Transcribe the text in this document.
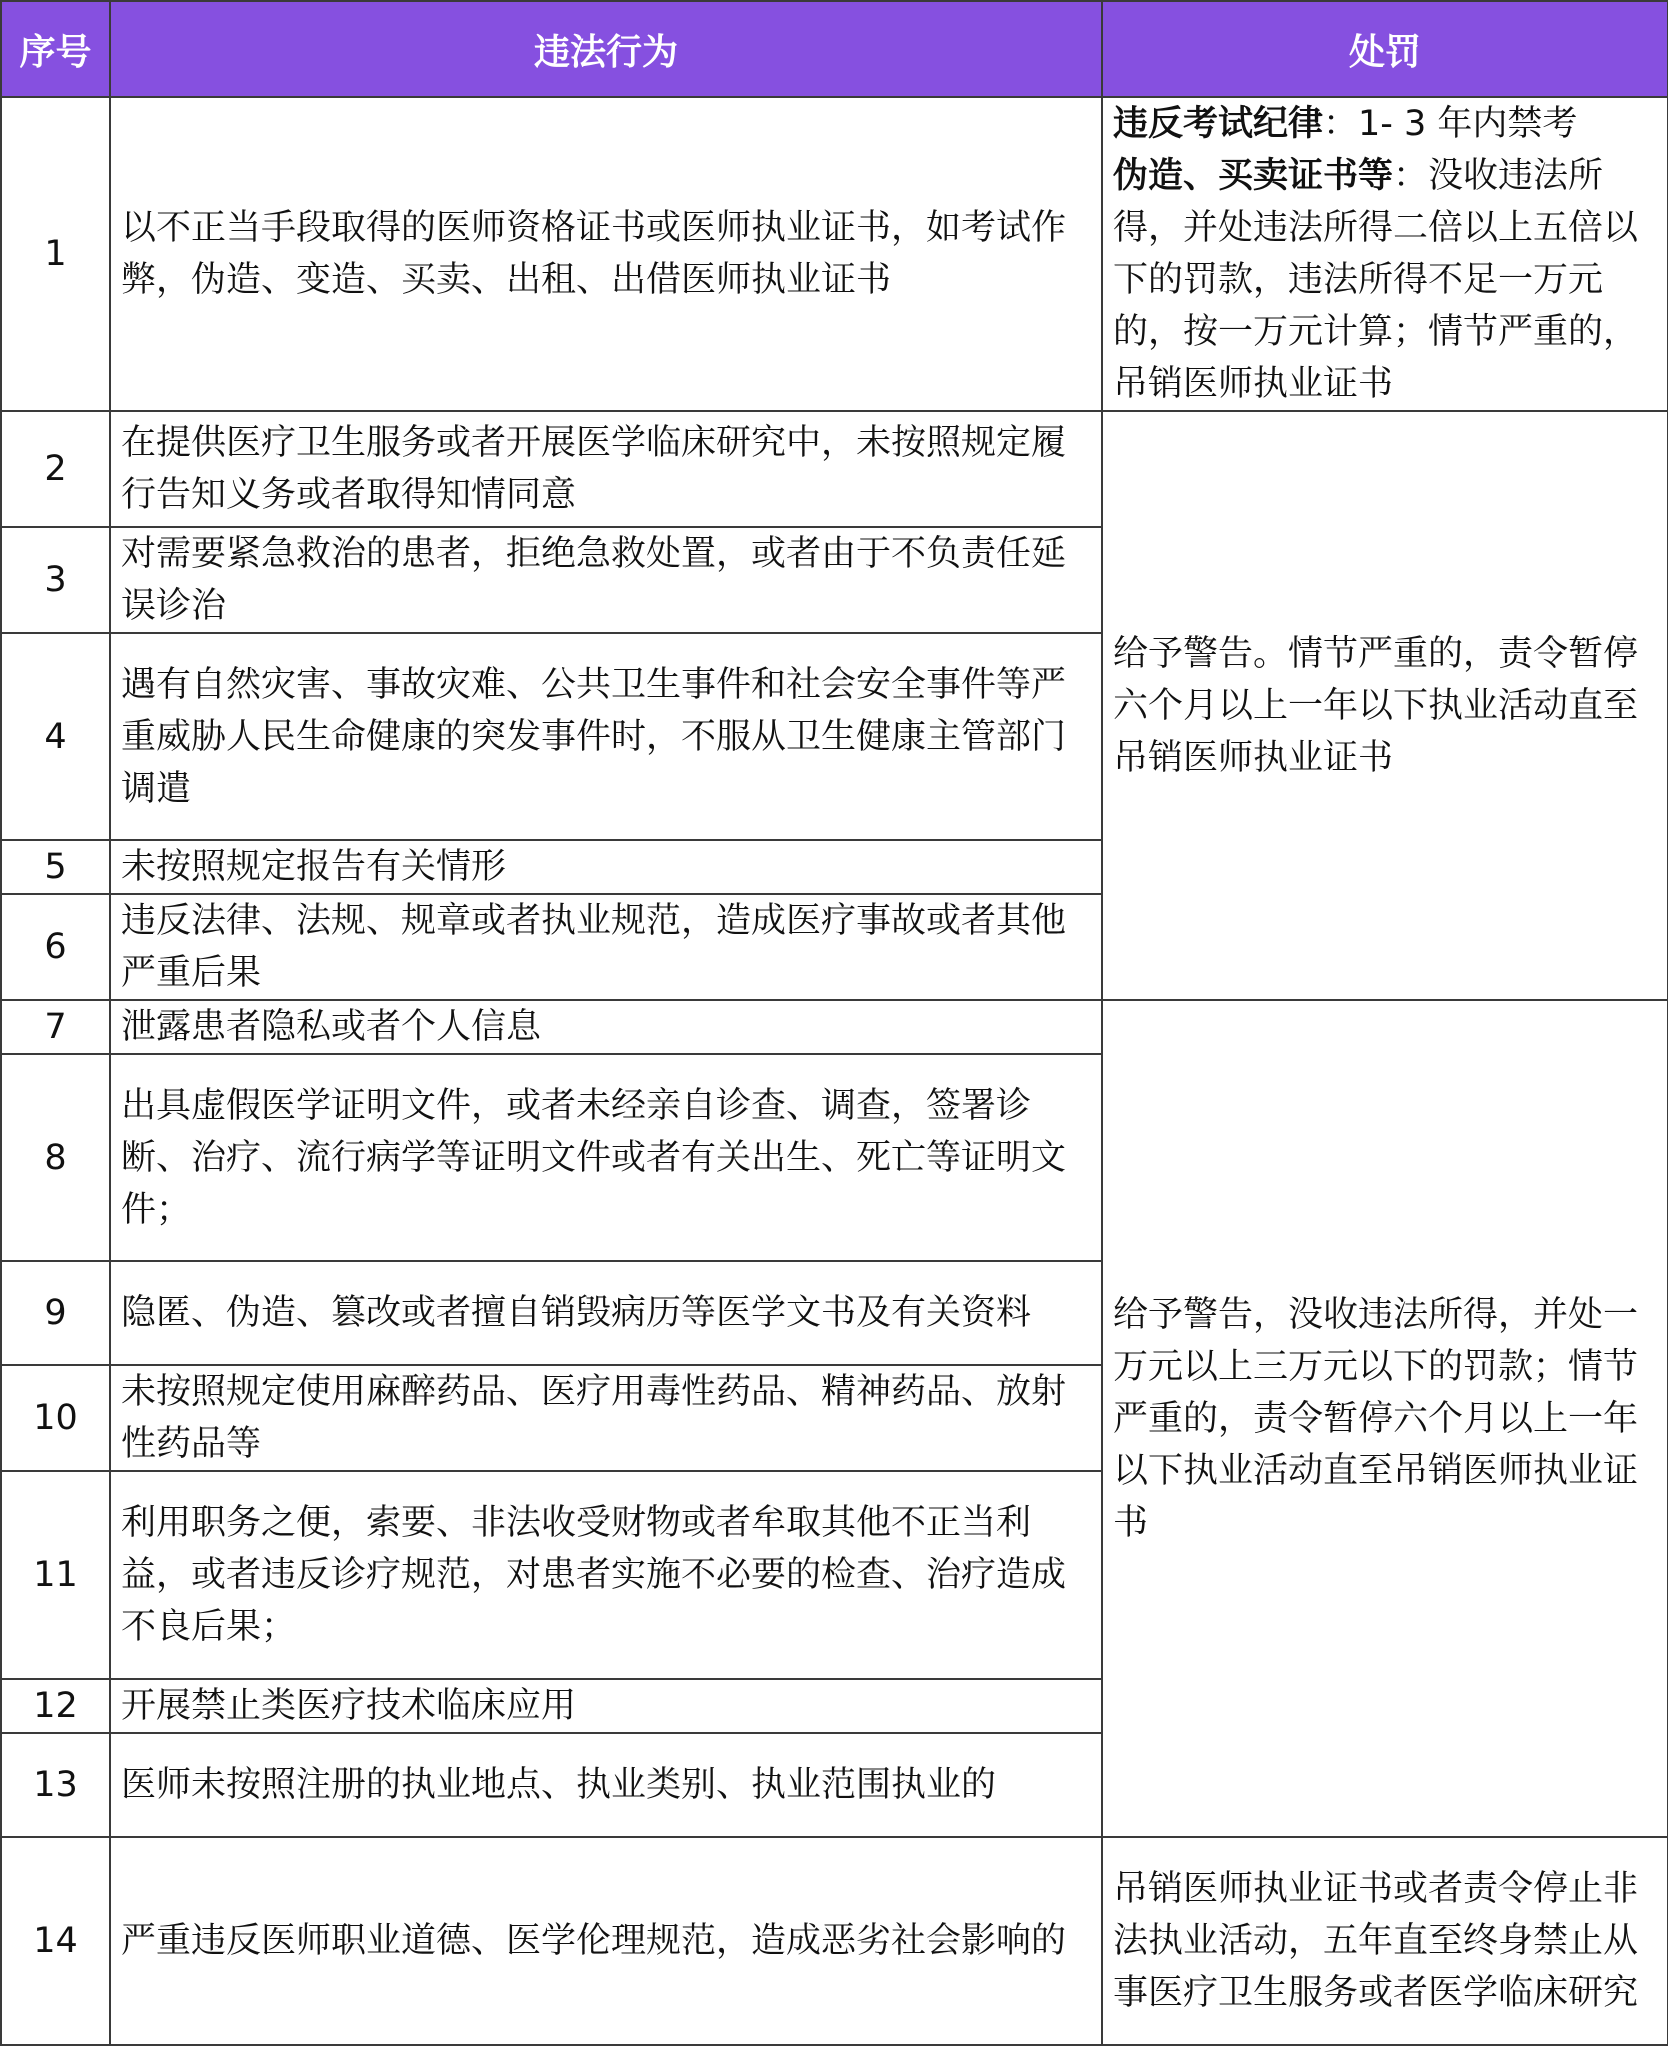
序号	违法行为	处罚
1	以不正当手段取得的医师资格证书或医师执业证书，如考试作弊，伪造、变造、买卖、出租、出借医师执业证书	违反考试纪律：1- 3 年内禁考
伪造、买卖证书等：没收违法所得，并处违法所得二倍以上五倍以下的罚款，违法所得不足一万元的，按一万元计算；情节严重的，吊销医师执业证书
2	在提供医疗卫生服务或者开展医学临床研究中，未按照规定履行告知义务或者取得知情同意	给予警告。情节严重的，责令暂停六个月以上一年以下执业活动直至吊销医师执业证书
3	对需要紧急救治的患者，拒绝急救处置，或者由于不负责任延误诊治	
4	遇有自然灾害、事故灾难、公共卫生事件和社会安全事件等严重威胁人民生命健康的突发事件时，不服从卫生健康主管部门调遣	
5	未按照规定报告有关情形	
6	违反法律、法规、规章或者执业规范，造成医疗事故或者其他严重后果	
7	泄露患者隐私或者个人信息	给予警告，没收违法所得，并处一万元以上三万元以下的罚款；情节严重的，责令暂停六个月以上一年以下执业活动直至吊销医师执业证书
8	出具虚假医学证明文件，或者未经亲自诊查、调查，签署诊断、治疗、流行病学等证明文件或者有关出生、死亡等证明文件；	
9	隐匿、伪造、篡改或者擅自销毁病历等医学文书及有关资料	
10	未按照规定使用麻醉药品、医疗用毒性药品、精神药品、放射性药品等	
11	利用职务之便，索要、非法收受财物或者牟取其他不正当利益，或者违反诊疗规范，对患者实施不必要的检查、治疗造成不良后果；	
12	开展禁止类医疗技术临床应用	
13	医师未按照注册的执业地点、执业类别、执业范围执业的	
14	严重违反医师职业道德、医学伦理规范，造成恶劣社会影响的	吊销医师执业证书或者责令停止非法执业活动，五年直至终身禁止从事医疗卫生服务或者医学临床研究
